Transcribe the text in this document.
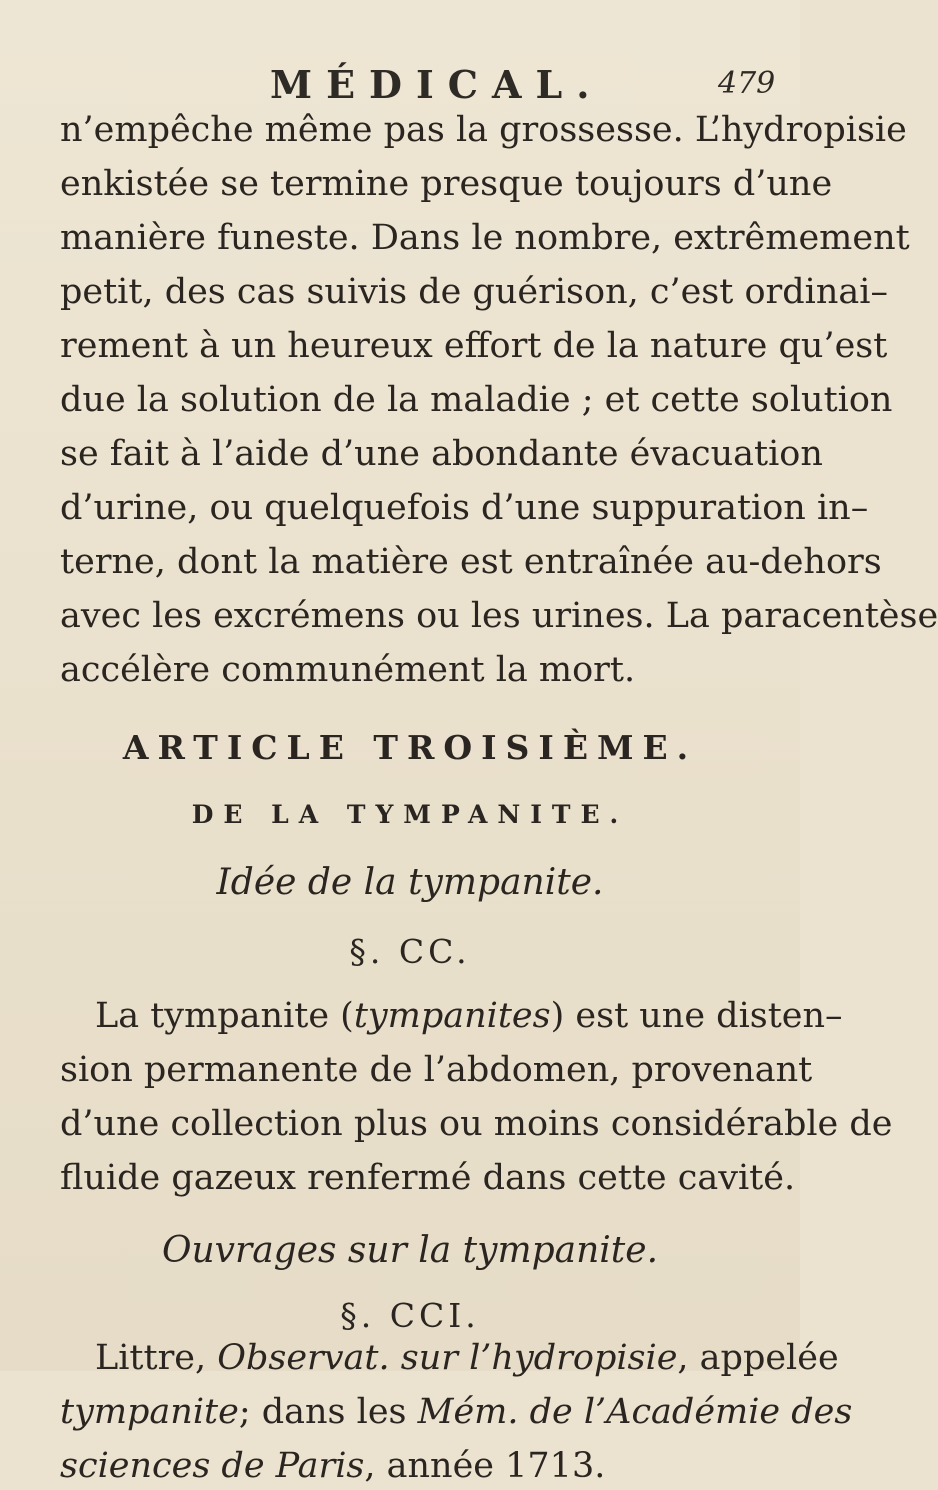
MÉDICAL.	479
n’empêche même pas la grossesse. L’hydropisie
enkistée se termine presque toujours d’une
manière funeste. Dans le nombre, extrêmement
petit, des cas suivis de guérison, c’est ordinai–
rement à un heureux effort de la nature qu’est
due la solution de la maladie ; et cette solution
se fait à l’aide d’une abondante évacuation
d’urine, ou quelquefois d’une suppuration in–
terne, dont la matière est entraînée au-dehors
avec les excrémens ou les urines. La paracentèse
accélère communément la mort.
ARTICLE TROISIÈME.
DE LA TYMPANITE.
Idée de la tympanite.
§. CC.
La tympanite (tympanites) est une disten–
sion permanente de l’abdomen, provenant
d’une collection plus ou moins considérable de
fluide gazeux renfermé dans cette cavité.
Ouvrages sur la tympanite.
§. CCI.
Littre, Observat. sur l’hydropisie, appelée
tympanite; dans les Mém. de l’Académie des
sciences de Paris, année 1713.
